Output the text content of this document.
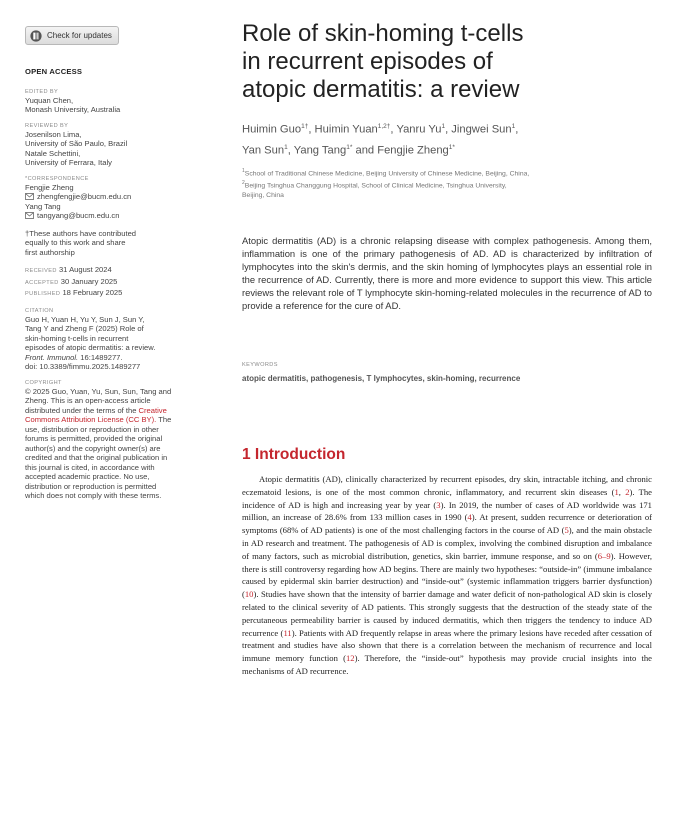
Check for updates
OPEN ACCESS
EDITED BY
Yuquan Chen,
Monash University, Australia
REVIEWED BY
Josenilson Lima,
University of São Paulo, Brazil
Natale Schettini,
University of Ferrara, Italy
*CORRESPONDENCE
Fengjie Zheng
zhengfengjie@bucm.edu.cn
Yang Tang
tangyang@bucm.edu.cn
†These authors have contributed
equally to this work and share
first authorship
RECEIVED 31 August 2024
ACCEPTED 30 January 2025
PUBLISHED 18 February 2025
CITATION
Guo H, Yuan H, Yu Y, Sun J, Sun Y,
Tang Y and Zheng F (2025) Role of
skin-homing t-cells in recurrent
episodes of atopic dermatitis: a review.
Front. Immunol. 16:1489277.
doi: 10.3389/fimmu.2025.1489277
COPYRIGHT
© 2025 Guo, Yuan, Yu, Sun, Sun, Tang and
Zheng. This is an open-access article
distributed under the terms of the Creative
Commons Attribution License (CC BY). The
use, distribution or reproduction in other
forums is permitted, provided the original
author(s) and the copyright owner(s) are
credited and that the original publication in
this journal is cited, in accordance with
accepted academic practice. No use,
distribution or reproduction is permitted
which does not comply with these terms.
Role of skin-homing t-cells
in recurrent episodes of
atopic dermatitis: a review
Huimin Guo$^{1\dagger}$, Huimin Yuan$^{1,2\dagger}$, Yanru Yu$^1$, Jingwei Sun$^1$,
Yan Sun$^1$, Yang Tang$^{1*}$ and Fengjie Zheng$^{1*}$
$^1$School of Traditional Chinese Medicine, Beijing University of Chinese Medicine, Beijing, China,
$^2$Beijing Tsinghua Changgung Hospital, School of Clinical Medicine, Tsinghua University,
Beijing, China

Atopic dermatitis (AD) is a chronic relapsing disease with complex pathogenesis. Among them, inflammation is one of the primary pathogenesis of AD. AD is characterized by infiltration of lymphocytes into the skin's dermis, and the skin homing of lymphocytes plays an essential role in the recurrence of AD. Currently, there is more and more evidence to support this view. This article reviews the relevant role of T lymphocyte skin-homing-related molecules in the recurrence of AD to provide a reference for the cure of AD.

KEYWORDS
atopic dermatitis, pathogenesis, T lymphocytes, skin-homing, recurrence
1 Introduction

Atopic dermatitis (AD), clinically characterized by recurrent episodes, dry skin, intractable itching, and chronic eczematoid lesions, is one of the most common chronic, inflammatory, and recurrent skin diseases (1, 2). The incidence of AD is high and increasing year by year (3). In 2019, the number of cases of AD worldwide was 171 million, an increase of 28.6% from 133 million cases in 1990 (4). At present, sudden recurrence or deterioration of symptoms (68% of AD patients) is one of the most challenging factors in the course of AD (5), and the main obstacle in AD research and treatment. The pathogenesis of AD is complex, involving the combined disruption and imbalance of many factors, such as microbial distribution, genetics, skin barrier, immune response, and so on (6–9). However, there is still controversy regarding how AD begins. There are mainly two hypotheses: “outside-in” (immune imbalance caused by epidermal skin barrier destruction) and “inside-out” (systemic inflammation triggers barrier dysfunction) (10). Studies have shown that the intensity of barrier damage and water deficit of non-pathological AD skin is closely related to the clinical severity of AD patients. This strongly suggests that the destruction of the steady state of the percutaneous permeability barrier is caused by induced dermatitis, which then triggers the tendency to induce AD recurrence (11). Patients with AD frequently relapse in areas where the primary lesions have receded after cessation of treatment and studies have also shown that there is a correlation between the mechanism of recurrence and local immune memory function (12). Therefore, the “inside-out” hypothesis may provide crucial insights into the mechanisms of AD recurrence.
